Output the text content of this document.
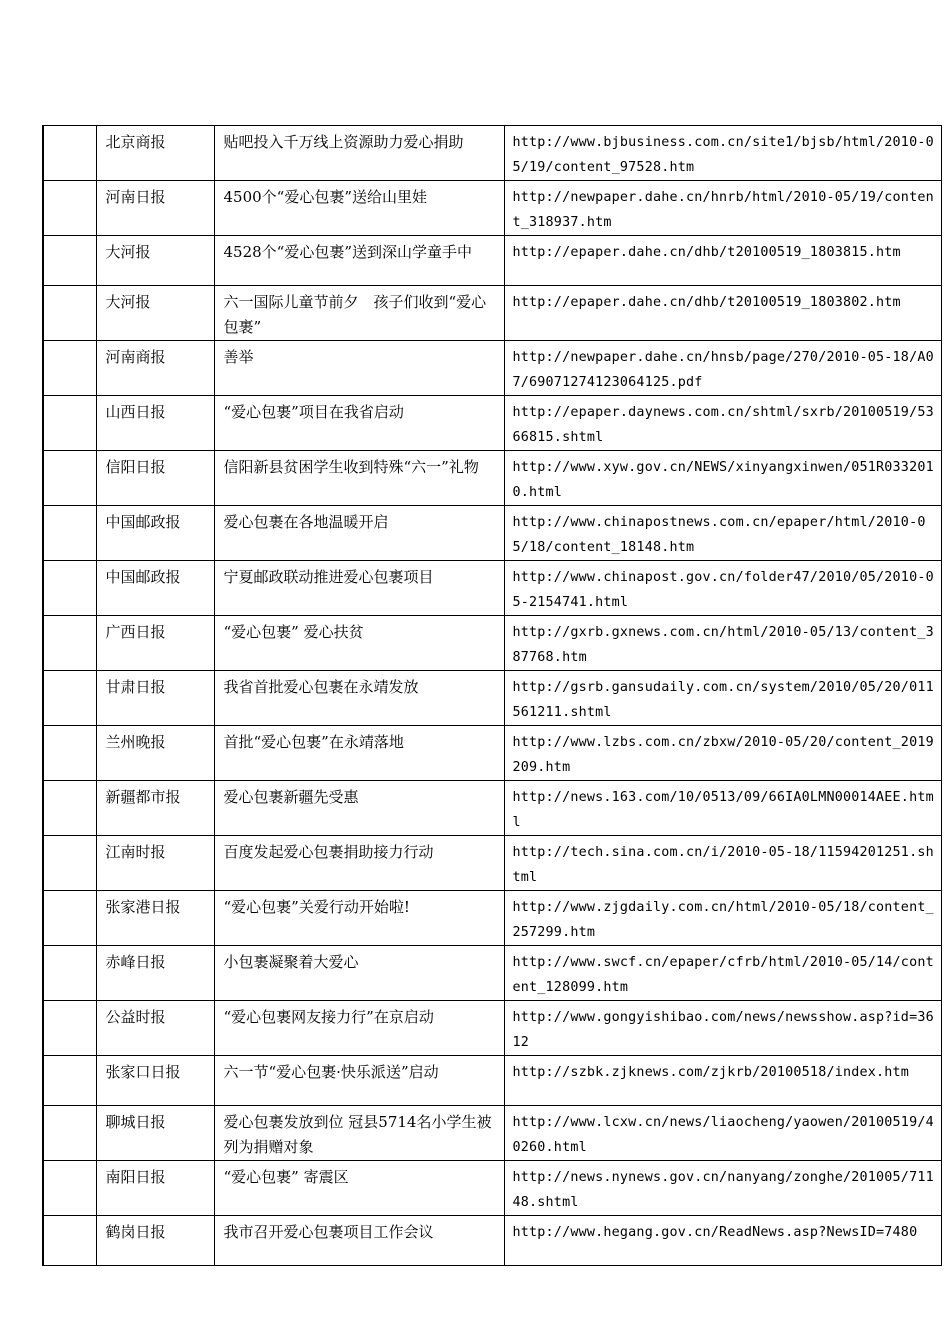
	北京商报	贴吧投入千万线上资源助力爱心捐助	http://www.bjbusiness.com.cn/site1/bjsb/html/2010-05/19/content_97528.htm

	河南日报	4500个“爱心包裹”送给山里娃	http://newpaper.dahe.cn/hnrb/html/2010-05/19/content_318937.htm

	大河报	4528个“爱心包裹”送到深山学童手中	http://epaper.dahe.cn/dhb/t20100519_1803815.htm

	大河报	六一国际儿童节前夕　孩子们收到“爱心包裹”	http://epaper.dahe.cn/dhb/t20100519_1803802.htm

	河南商报	善举	http://newpaper.dahe.cn/hnsb/page/270/2010-05-18/A07/69071274123064125.pdf

	山西日报	“爱心包裹”项目在我省启动	http://epaper.daynews.com.cn/shtml/sxrb/20100519/5366815.shtml

	信阳日报	信阳新县贫困学生收到特殊“六一”礼物	http://www.xyw.gov.cn/NEWS/xinyangxinwen/051R0332010.html

	中国邮政报	爱心包裹在各地温暖开启	http://www.chinapostnews.com.cn/epaper/html/2010-05/18/content_18148.htm

	中国邮政报	宁夏邮政联动推进爱心包裹项目	http://www.chinapost.gov.cn/folder47/2010/05/2010-05-2154741.html

	广西日报	“爱心包裹” 爱心扶贫	http://gxrb.gxnews.com.cn/html/2010-05/13/content_387768.htm

	甘肃日报	我省首批爱心包裹在永靖发放	http://gsrb.gansudaily.com.cn/system/2010/05/20/011561211.shtml

	兰州晚报	首批“爱心包裹”在永靖落地	http://www.lzbs.com.cn/zbxw/2010-05/20/content_2019209.htm

	新疆都市报	爱心包裹新疆先受惠	http://news.163.com/10/0513/09/66IA0LMN00014AEE.html

	江南时报	百度发起爱心包裹捐助接力行动	http://tech.sina.com.cn/i/2010-05-18/11594201251.shtml

	张家港日报	“爱心包裹”关爱行动开始啦!	http://www.zjgdaily.com.cn/html/2010-05/18/content_257299.htm

	赤峰日报	小包裹凝聚着大爱心	http://www.swcf.cn/epaper/cfrb/html/2010-05/14/content_128099.htm

	公益时报	“爱心包裹网友接力行”在京启动	http://www.gongyishibao.com/news/newsshow.asp?id=3612

	张家口日报	六一节“爱心包裹·快乐派送”启动	http://szbk.zjknews.com/zjkrb/20100518/index.htm

	聊城日报	爱心包裹发放到位 冠县5714名小学生被列为捐赠对象	http://www.lcxw.cn/news/liaocheng/yaowen/20100519/40260.html

	南阳日报	“爱心包裹” 寄震区	http://news.nynews.gov.cn/nanyang/zonghe/201005/71148.shtml

	鹤岗日报	我市召开爱心包裹项目工作会议	http://www.hegang.gov.cn/ReadNews.asp?NewsID=7480
